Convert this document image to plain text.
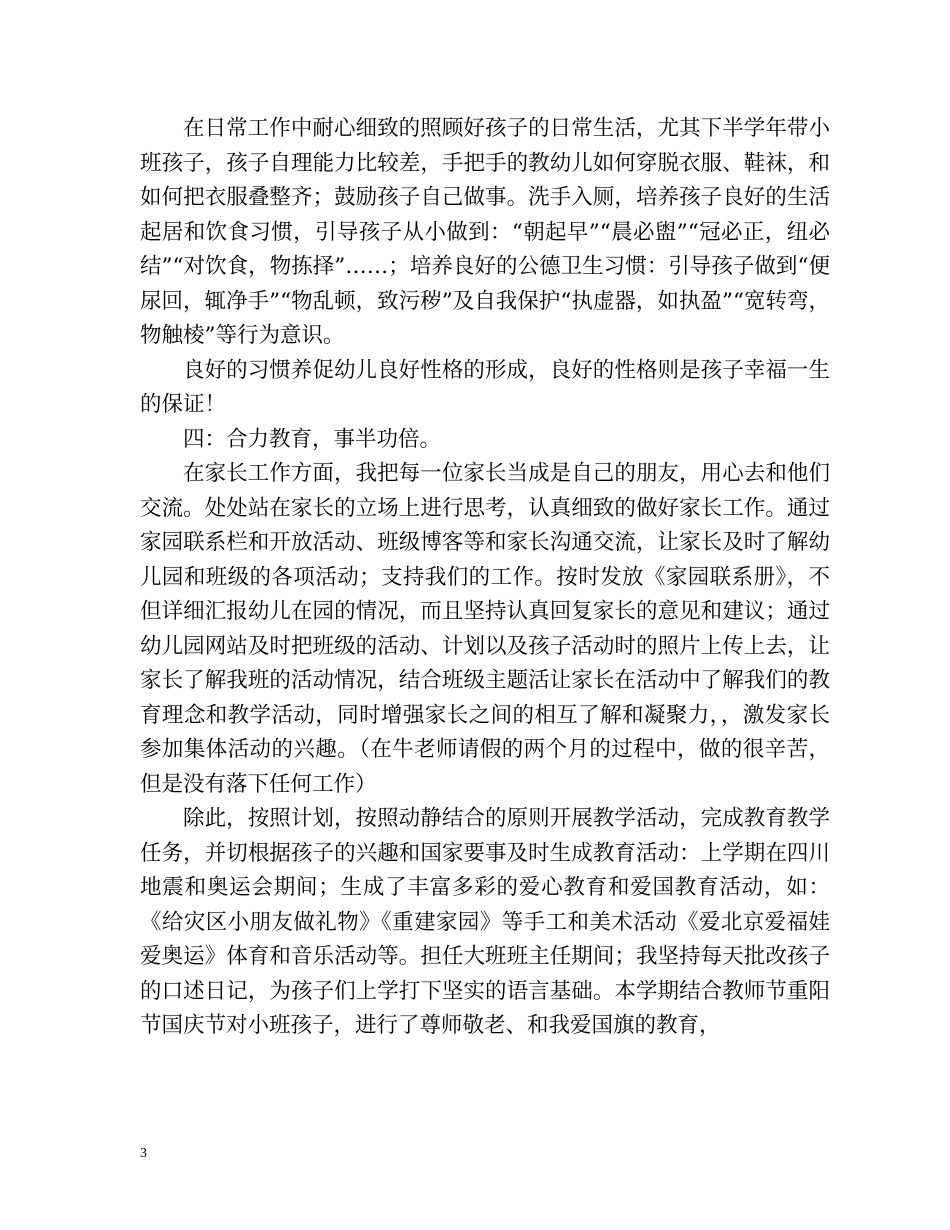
在日常工作中耐心细致的照顾好孩子的日常生活，尤其下半学年带小班孩子，孩子自理能力比较差，手把手的教幼儿如何穿脱衣服、鞋袜，和如何把衣服叠整齐；鼓励孩子自己做事。洗手入厕，培养孩子良好的生活起居和饮食习惯，引导孩子从小做到：“朝起早”“晨必盥”“冠必正，纽必结”“对饮食，物拣择”……；培养良好的公德卫生习惯：引导孩子做到“便尿回，辄净手”“物乱顿，致污秽”及自我保护“执虚器，如执盈”“宽转弯，物触棱”等行为意识。

良好的习惯养促幼儿良好性格的形成，良好的性格则是孩子幸福一生的保证！

四：合力教育，事半功倍。

在家长工作方面，我把每一位家长当成是自己的朋友，用心去和他们交流。处处站在家长的立场上进行思考，认真细致的做好家长工作。通过家园联系栏和开放活动、班级博客等和家长沟通交流，让家长及时了解幼儿园和班级的各项活动；支持我们的工作。按时发放《家园联系册》，不但详细汇报幼儿在园的情况，而且坚持认真回复家长的意见和建议；通过幼儿园网站及时把班级的活动、计划以及孩子活动时的照片上传上去，让家长了解我班的活动情况，结合班级主题活让家长在活动中了解我们的教育理念和教学活动，同时增强家长之间的相互了解和凝聚力，，激发家长参加集体活动的兴趣。（在牛老师请假的两个月的过程中，做的很辛苦，但是没有落下任何工作）

除此，按照计划，按照动静结合的原则开展教学活动，完成教育教学任务，并切根据孩子的兴趣和国家要事及时生成教育活动：上学期在四川地震和奥运会期间；生成了丰富多彩的爱心教育和爱国教育活动，如：《给灾区小朋友做礼物》《重建家园》等手工和美术活动《爱北京爱福娃爱奥运》体育和音乐活动等。担任大班班主任期间；我坚持每天批改孩子的口述日记，为孩子们上学打下坚实的语言基础。本学期结合教师节重阳节国庆节对小班孩子，进行了尊师敬老、和我爱国旗的教育，

3
